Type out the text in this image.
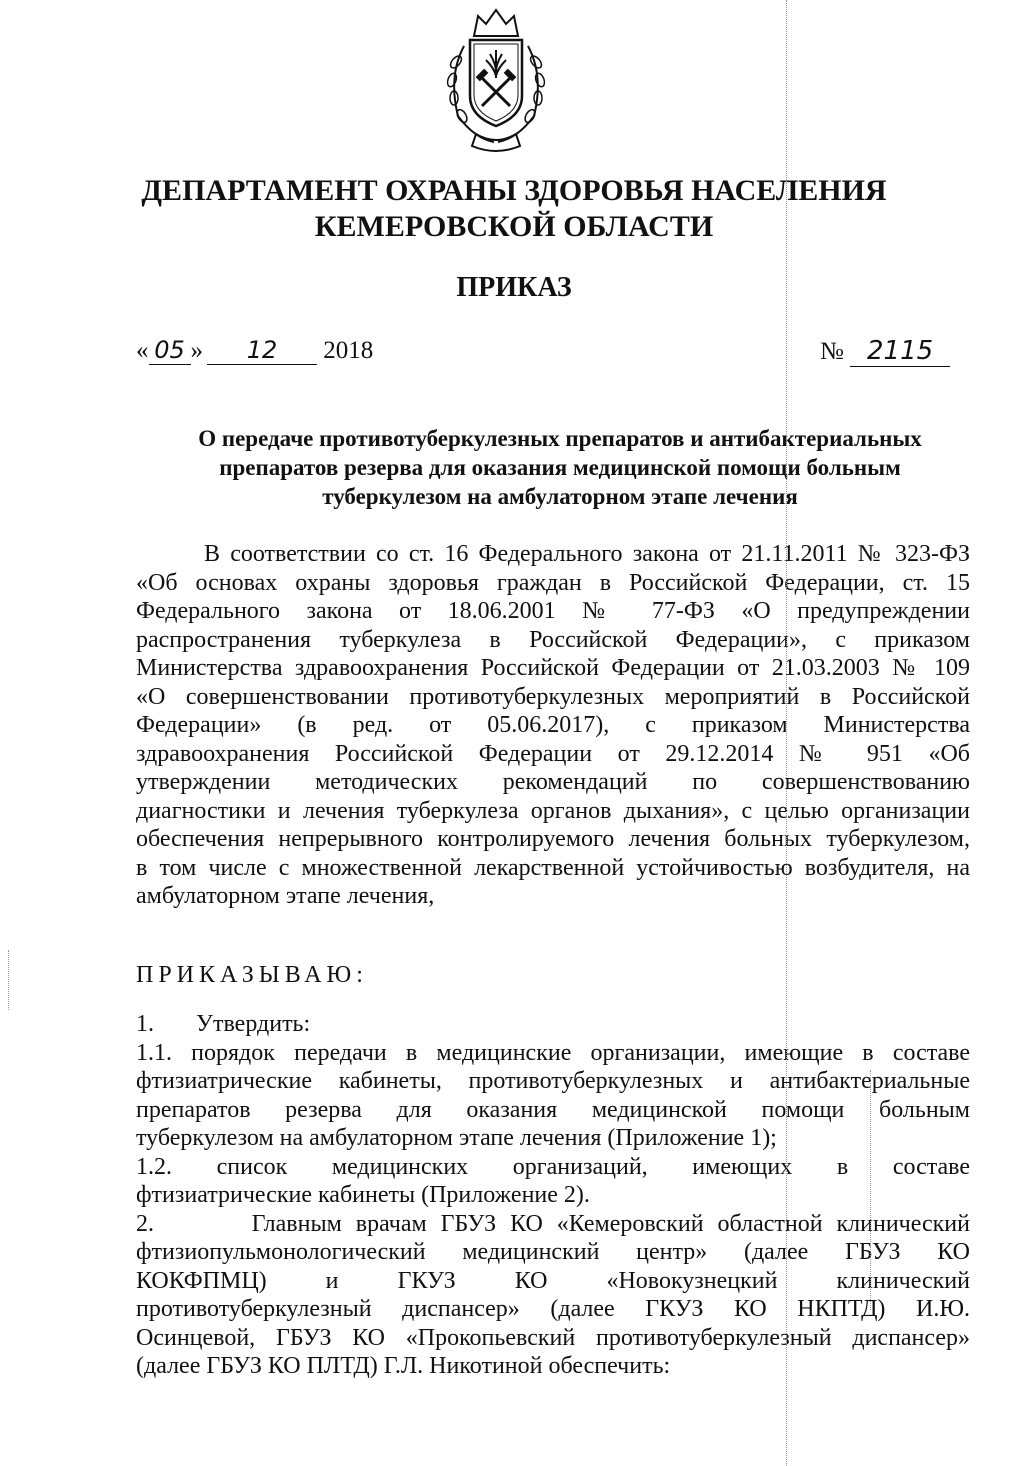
ДЕПАРТАМЕНТ ОХРАНЫ ЗДОРОВЬЯ НАСЕЛЕНИЯ
КЕМЕРОВСКОЙ ОБЛАСТИ
ПРИКАЗ
« 05 » 12 2018	№ 2115
О передаче противотуберкулезных препаратов и антибактериальных
препаратов резерва для оказания медицинской помощи больным
туберкулезом на амбулаторном этапе лечения
В соответствии со ст. 16 Федерального закона от 21.11.2011 № 323-ФЗ
«Об основах охраны здоровья граждан в Российской Федерации, ст. 15
Федерального закона от 18.06.2001 № 77-ФЗ «О предупреждении
распространения туберкулеза в Российской Федерации», с приказом
Министерства здравоохранения Российской Федерации от 21.03.2003 № 109
«О совершенствовании противотуберкулезных мероприятий в Российской
Федерации» (в ред. от 05.06.2017), с приказом Министерства
здравоохранения Российской Федерации от 29.12.2014 № 951 «Об
утверждении методических рекомендаций по совершенствованию
диагностики и лечения туберкулеза органов дыхания», с целью организации
обеспечения непрерывного контролируемого лечения больных туберкулезом,
в том числе с множественной лекарственной устойчивостью возбудителя, на
амбулаторном этапе лечения,
ПРИКАЗЫВАЮ:
1.       Утвердить:
1.1. порядок передачи в медицинские организации, имеющие в составе
фтизиатрические кабинеты, противотуберкулезных и антибактериальные
препаратов резерва для оказания медицинской помощи больным
туберкулезом на амбулаторном этапе лечения (Приложение 1);
1.2. список медицинских организаций, имеющих в составе
фтизиатрические кабинеты (Приложение 2).
2.       Главным врачам ГБУЗ КО «Кемеровский областной клинический
фтизиопульмонологический медицинский центр» (далее ГБУЗ КО
КОКФПМЦ) и ГКУЗ КО «Новокузнецкий клинический
противотуберкулезный диспансер» (далее ГКУЗ КО НКПТД) И.Ю.
Осинцевой, ГБУЗ КО «Прокопьевский противотуберкулезный диспансер»
(далее ГБУЗ КО ПЛТД) Г.Л. Никотиной обеспечить:
